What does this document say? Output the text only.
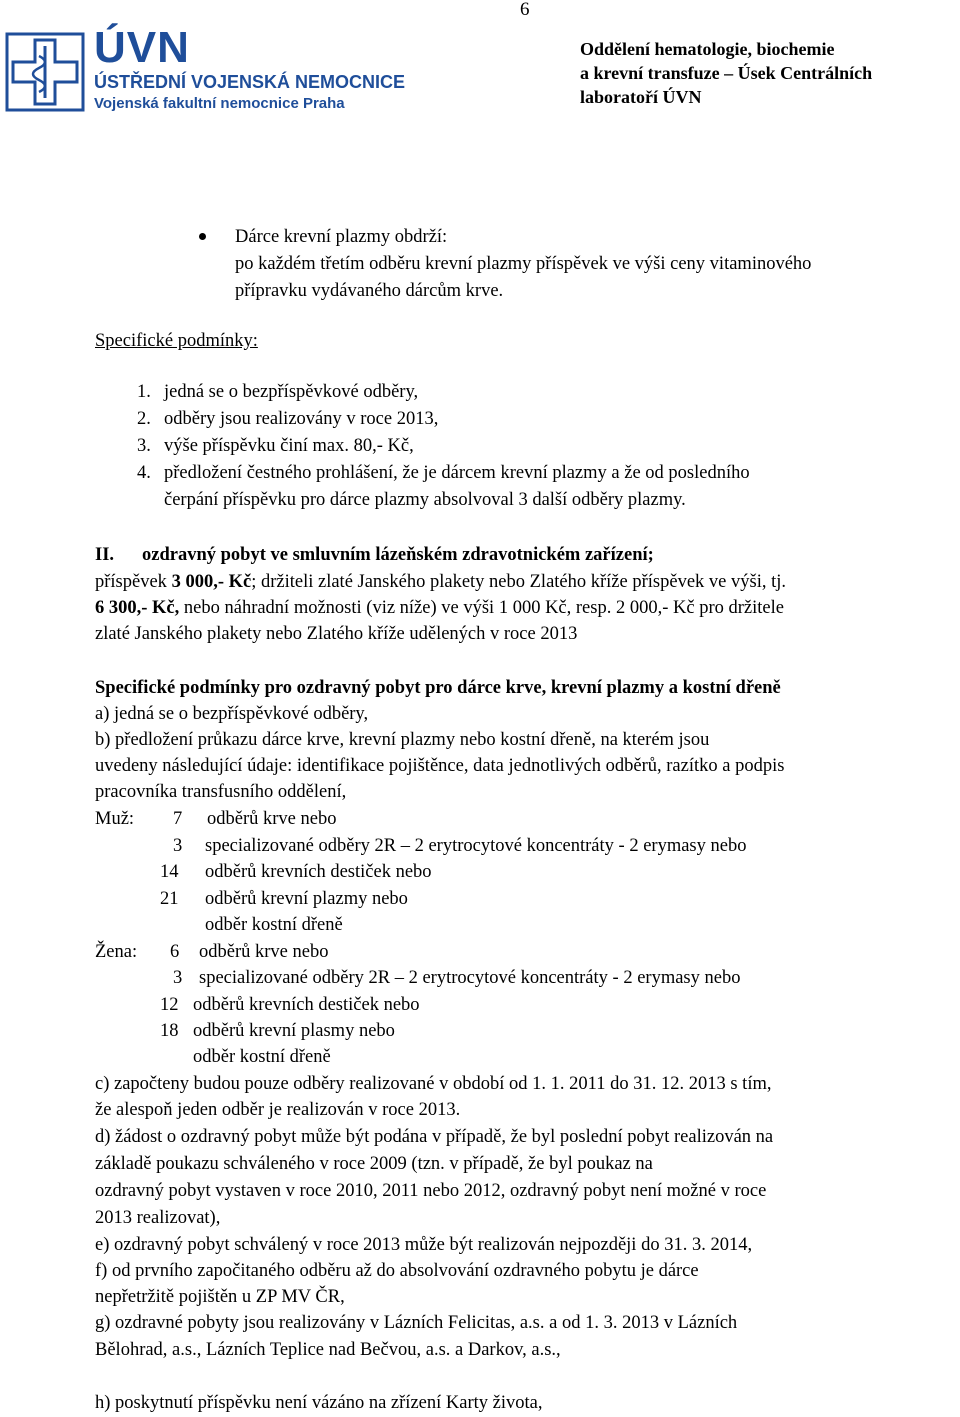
6
ÚVN
ÚSTŘEDNÍ VOJENSKÁ NEMOCNICE
Vojenská fakultní nemocnice Praha
Oddělení hematologie, biochemie
a krevní transfuze – Úsek Centrálních
laboratoří ÚVN
Dárce krevní plazmy obdrží:
po každém třetím odběru krevní plazmy příspěvek ve výši ceny vitaminového
přípravku vydávaného dárcům krve.
Specifické podmínky:
1. jedná se o bezpříspěvkové odběry,
2. odběry jsou realizovány v roce 2013,
3. výše příspěvku činí max. 80,- Kč,
4. předložení čestného prohlášení, že je dárcem krevní plazmy a že od posledního
čerpání příspěvku pro dárce plazmy absolvoval 3 další odběry plazmy.
II. ozdravný pobyt ve smluvním lázeňském zdravotnickém zařízení;
příspěvek 3 000,- Kč; držiteli zlaté Janského plakety nebo Zlatého kříže příspěvek ve výši, tj.
6 300,- Kč, nebo náhradní možnosti (viz níže) ve výši 1 000 Kč, resp. 2 000,- Kč pro držitele
zlaté Janského plakety nebo Zlatého kříže udělených v roce 2013
Specifické podmínky pro ozdravný pobyt pro dárce krve, krevní plazmy a kostní dřeně
a) jedná se o bezpříspěvkové odběry,
b) předložení průkazu dárce krve, krevní plazmy nebo kostní dřeně, na kterém jsou
uvedeny následující údaje: identifikace pojištěnce, data jednotlivých odběrů, razítko a podpis
pracovníka transfusního oddělení,
Muž: 7 odběrů krve nebo
3 specializované odběry 2R – 2 erytrocytové koncentráty - 2 erymasy nebo
14 odběrů krevních destiček nebo
21 odběrů krevní plazmy nebo
odběr kostní dřeně
Žena: 6 odběrů krve nebo
3 specializované odběry 2R – 2 erytrocytové koncentráty - 2 erymasy nebo
12 odběrů krevních destiček nebo
18 odběrů krevní plasmy nebo
odběr kostní dřeně
c) započteny budou pouze odběry realizované v období od 1. 1. 2011 do 31. 12. 2013 s tím,
že alespoň jeden odběr je realizován v roce 2013.
d) žádost o ozdravný pobyt může být podána v případě, že byl poslední pobyt realizován na
základě poukazu schváleného v roce 2009 (tzn. v případě, že byl poukaz na
ozdravný pobyt vystaven v roce 2010, 2011 nebo 2012, ozdravný pobyt není možné v roce
2013 realizovat),
e) ozdravný pobyt schválený v roce 2013 může být realizován nejpozději do 31. 3. 2014,
f) od prvního započitaného odběru až do absolvování ozdravného pobytu je dárce
nepřetržitě pojištěn u ZP MV ČR,
g) ozdravné pobyty jsou realizovány v Lázních Felicitas, a.s. a od 1. 3. 2013 v Lázních
Bělohrad, a.s., Lázních Teplice nad Bečvou, a.s. a Darkov, a.s.,
h) poskytnutí příspěvku není vázáno na zřízení Karty života,
